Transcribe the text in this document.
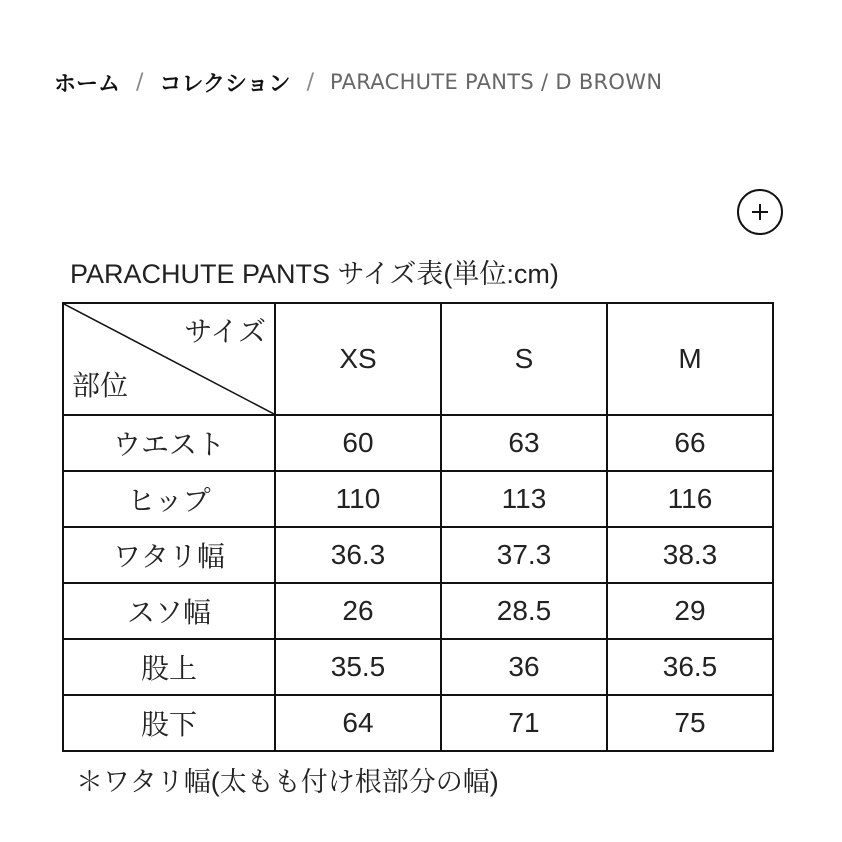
ホーム / コレクション / PARACHUTE PANTS / D BROWN
PARACHUTE PANTS サイズ表(単位:cm)
サイズ
部位	XS	S	M
ウエスト	60	63	66
ヒップ	110	113	116
ワタリ幅	36.3	37.3	38.3
スソ幅	26	28.5	29
股上	35.5	36	36.5
股下	64	71	75
＊ワタリ幅(太もも付け根部分の幅)
